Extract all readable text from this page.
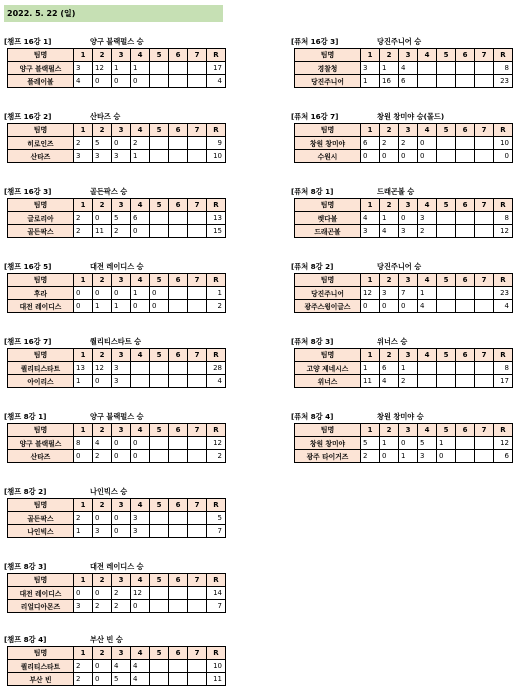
2022. 5. 22 (일)
[챔프 16강 1]	양구 블랙펄스 승
팀명	1	2	3	4	5	6	7	R
양구 블랙펄스	3	12	1	1				17
플레이볼	4	0	0	0				4
[챔프 16강 2]	산타즈 승
팀명	1	2	3	4	5	6	7	R
히로인즈	2	5	0	2				9
산타즈	3	3	3	1				10
[챔프 16강 3]	골든팍스 승
팀명	1	2	3	4	5	6	7	R
글로리아	2	0	5	6				13
골든팍스	2	11	2	0				15
[챔프 16강 5]	대전 레이디스 승
팀명	1	2	3	4	5	6	7	R
후라	0	0	0	1	0			1
대전 레이디스	0	1	1	0	0			2
[챔프 16강 7]	퀄리티스타트 승
팀명	1	2	3	4	5	6	7	R
퀄리티스타트	13	12	3					28
아이리스	1	0	3					4
[챔프 8강 1]	양구 블랙펄스 승
팀명	1	2	3	4	5	6	7	R
양구 블랙펄스	8	4	0	0				12
산타즈	0	2	0	0				2
[챔프 8강 2]	나인빅스 승
팀명	1	2	3	4	5	6	7	R
골든팍스	2	0	0	3				5
나인빅스	1	3	0	3				7
[챔프 8강 3]	대전 레이디스 승
팀명	1	2	3	4	5	6	7	R
대전 레이디스	0	0	2	12				14
리얼디아몬즈	3	2	2	0				7
[챔프 8강 4]	부산 빈 승
팀명	1	2	3	4	5	6	7	R
퀄리티스타트	2	0	4	4				10
부산 빈	2	0	5	4				11
[퓨처 16강 3]	당진주니어 승
팀명	1	2	3	4	5	6	7	R
경찰청	3	1	4					8
당진주니어	1	16	6					23
[퓨처 16강 7]	창원 창미야 승(몰드)
팀명	1	2	3	4	5	6	7	R
창원 창미야	6	2	2	0				10
수원시	0	0	0	0				0
[퓨처 8강 1]	드래곤볼 승
팀명	1	2	3	4	5	6	7	R
렛다볼	4	1	0	3				8
드래곤볼	3	4	3	2				12
[퓨처 8강 2]	당진주니어 승
팀명	1	2	3	4	5	6	7	R
당진주니어	12	3	7	1				23
광주스윙이글스	0	0	0	4				4
[퓨처 8강 3]	위너스 승
팀명	1	2	3	4	5	6	7	R
고양 제네시스	1	6	1					8
위너스	11	4	2					17
[퓨처 8강 4]	창원 창미야 승
팀명	1	2	3	4	5	6	7	R
창원 창미야	5	1	0	5	1			12
광주 타이거즈	2	0	1	3	0			6
